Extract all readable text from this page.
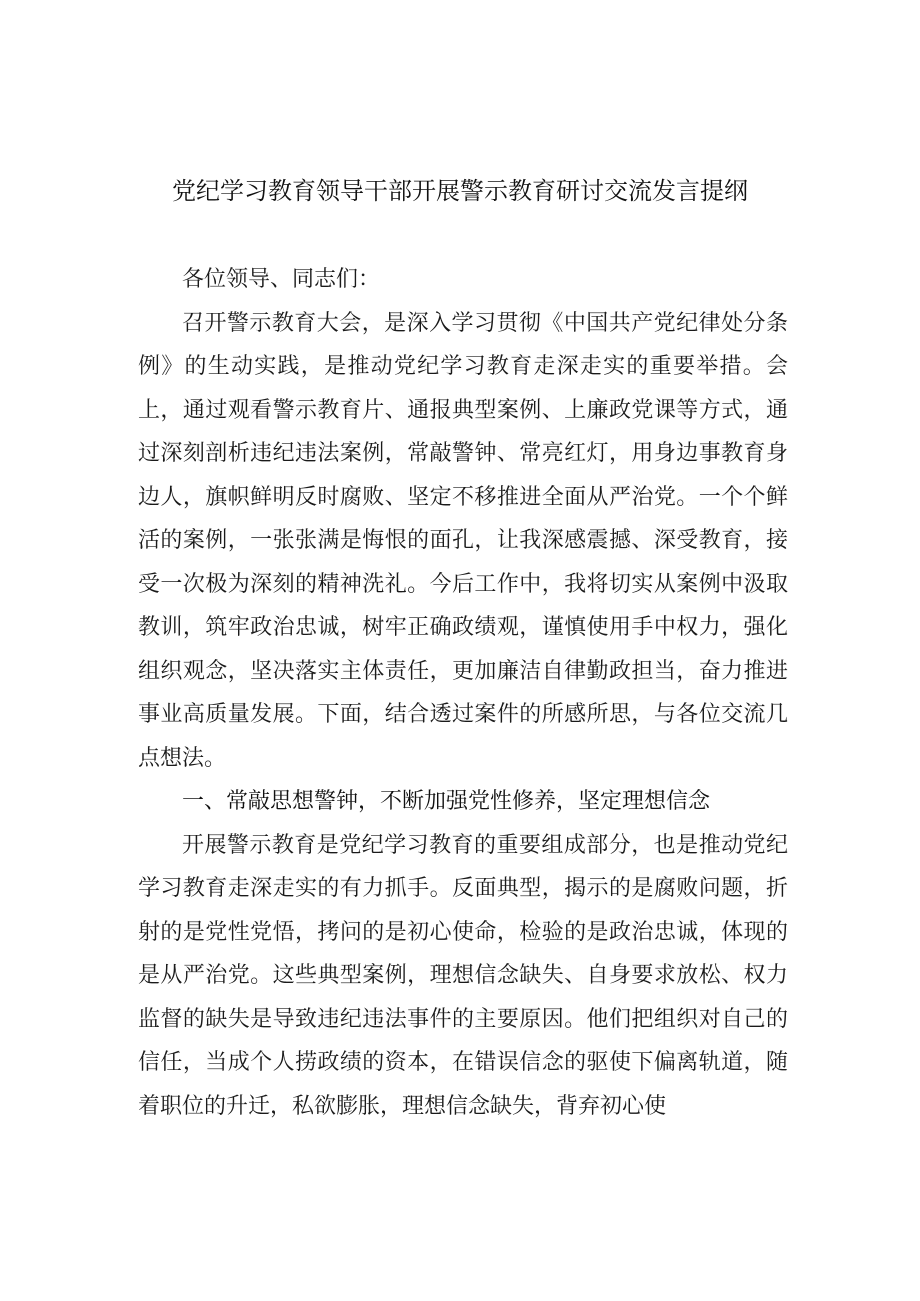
党纪学习教育领导干部开展警示教育研讨交流发言提纲

各位领导、同志们：

召开警示教育大会，是深入学习贯彻《中国共产党纪律处分条例》的生动实践，是推动党纪学习教育走深走实的重要举措。会上，通过观看警示教育片、通报典型案例、上廉政党课等方式，通过深刻剖析违纪违法案例，常敲警钟、常亮红灯，用身边事教育身边人，旗帜鲜明反时腐败、坚定不移推进全面从严治党。一个个鲜活的案例，一张张满是悔恨的面孔，让我深感震撼、深受教育，接受一次极为深刻的精神洗礼。今后工作中，我将切实从案例中汲取教训，筑牢政治忠诚，树牢正确政绩观，谨慎使用手中权力，强化组织观念，坚决落实主体责任，更加廉洁自律勤政担当，奋力推进事业高质量发展。下面，结合透过案件的所感所思，与各位交流几点想法。

一、常敲思想警钟，不断加强党性修养，坚定理想信念

开展警示教育是党纪学习教育的重要组成部分，也是推动党纪学习教育走深走实的有力抓手。反面典型，揭示的是腐败问题，折射的是党性党悟，拷问的是初心使命，检验的是政治忠诚，体现的是从严治党。这些典型案例，理想信念缺失、自身要求放松、权力监督的缺失是导致违纪违法事件的主要原因。他们把组织对自己的信任，当成个人捞政绩的资本，在错误信念的驱使下偏离轨道，随着职位的升迁，私欲膨胀，理想信念缺失，背弃初心使
